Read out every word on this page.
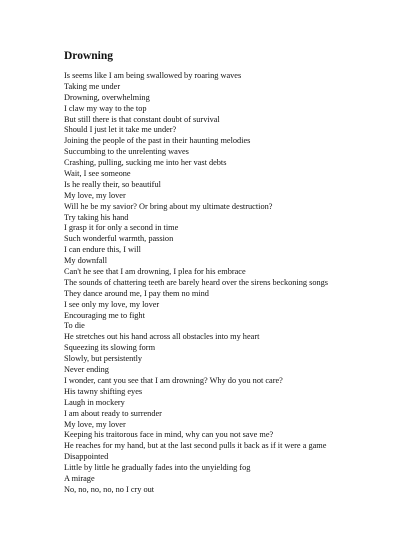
Drowning
Is seems like I am being swallowed by roaring waves
Taking me under
Drowning, overwhelming
I claw my way to the top
But still there is that constant doubt of survival
Should I just let it take me under?
Joining the people of the past in their haunting melodies
Succumbing to the unrelenting waves
Crashing, pulling, sucking me into her vast debts
Wait, I see someone
Is he really their, so beautiful
My love, my lover
Will he be my savior? Or bring about my ultimate destruction?
Try taking his hand
I grasp it for only a second in time
Such wonderful warmth, passion
I can endure this, I will
My downfall
Can't he see that I am drowning, I plea for his embrace
The sounds of chattering teeth are barely heard over the sirens beckoning songs
They dance around me, I pay them no mind
I see only my love, my lover
Encouraging me to fight
To die
He stretches out his hand across all obstacles into my heart
Squeezing its slowing form
Slowly, but persistently
Never ending
I wonder, cant you see that I am drowning? Why do you not care?
His tawny shifting eyes
Laugh in mockery
I am about ready to surrender
My love, my lover
Keeping his traitorous face in mind, why can you not save me?
He reaches for my hand, but at the last second pulls it back as if it were a game
Disappointed
Little by little he gradually fades into the unyielding fog
A mirage
No, no, no, no, no I cry out
